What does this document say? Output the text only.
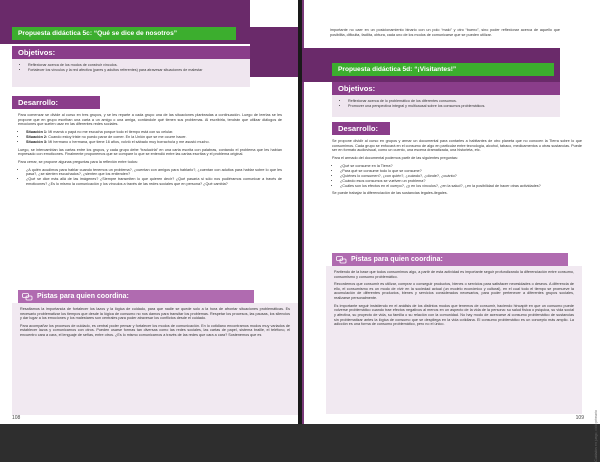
Propuesta didáctica 5c: “Qué se dice de nosotros”
Objetivos:
• Reflexionar acerca de los modos de construir vínculos.
• Fortalecer los vínculos y la red afectiva (pares y adultos referentes) para atravesar situaciones de malestar
Desarrollo:

Para comenzar se divide al curso en tres grupos, y se les reparte a cada grupo una de las situaciones planteadas a continuación. Luego de leerlas se les propone que en grupo escriban una carta a un amigo o una amiga, contándole qué tienen sus problemas. Al escribirla, tendrán que utilizar diálogos de emociones que suelen usar en las diferentes redes sociales.

• Situación 1: Mi mamá o papá no me escucha porque todo el tiempo está con su celular.
• Situación 2: Cuando estoy triste no puedo parar de comer. En la Unión que se me ocurre hacer.
• Situación 3: Mi hermano o hermana, que tiene 16 años, volvió el sábado muy borracho/a y me asustó mucho.

Luego, se intercambian las cartas entre los grupos, y cada grupo debe “traducirla” en una carta escrita con palabras, contando el problema que les habían expresado con emoticones. Finalmente proponemos que se compare lo que se entendió entre las cartas escritas y el problema original.

Para cerrar, se propone algunas preguntas para la reflexión entre todos:

• ¿A quién acudimos para hablar cuando tenemos un problema?, ¿cuentan con amigos para hablarlo?, ¿cuentan con adultos para hablar sobre lo que les pasa?, ¿se sienten escuchados?, ¿sienten que los entienden?
• ¿Qué se dice más allá de las imágenes? ¿Siempre transmiten lo que quieren decir? ¿Qué pasaría si sólo nos pudiéramos comunicar a través de emoticones? ¿Es lo mismo la comunicación y los vínculos a través de las redes sociales que en persona? ¿Qué cambia?
Pistas para quien coordina:

Resaltamos la importancia de fortalecer los lazos y la lógica de cuidado, para que nadie se quede solo a la hora de afrontar situaciones problemáticas. Es necesario problematizar los tiempos que desde la lógica de consumo no nos damos para transitar los problemas. Respetar los procesos, las pausas, los silencios y dar lugar a los emociones y los malestares son centrales para poder atravesar los conflictos desde el cuidado.

Para acompañar los procesos de cuidado, es central poder pensar y fortalecer los modos de comunicación. En lo cotidiano encontramos modos muy variados de establecer lazos y comunicarnos con otros. Pueden usarse formas tan diversas como las redes sociales, las cartas de papel, sistema braille, el teléfono, el encuentro cara a cara, el lenguaje de señas, entre otros. ¿Es lo mismo comunicarnos a través de las redes que cara a cara? Sostenemos que es

108

importante no caer en un posicionamiento binario con un polo “malo” y otro “bueno”, sino poder reflexionar acerca de aquello que posibilita, dificulta, facilita, obtura, cada uno de los modos de comunicarse que se pueden utilizar.

Propuesta didáctica 5d: “¡Visitantes!”
Objetivos:
• Reflexionar acerca de lo problemático de los diferentes consumos.
• Promover una perspectiva integral y multicausal sobre los consumos problemáticos.
Desarrollo:

Se propone dividir al curso en grupos y armar un documental para contarles a habitantes de otro planeta que no conocen la Tierra sobre lo que consumimos. Cada grupo se enfocará en el consumo de algo en particular entre tecnología, alcohol, tabaco, medicamentos u otras sustancias. Puede ser en formato audiovisual, como un cuento, una escena dramatizada, una historieta, etc.

Para el armado del documental podemos partir de las siguientes preguntas:

• ¿Qué se consume en la Tierra?
• ¿Para qué se consume todo lo que se consume?
• ¿Quiénes lo consumen?, ¿con quién?, ¿cuándo?, ¿dónde?, ¿cuánto?
• ¿Cuándo esos consumos se vuelven un problema?
• ¿Cuáles son los efectos en el cuerpo?, ¿y en los vínculos?, ¿en la salud?, ¿en la posibilidad de hacer otras actividades?

Se puede trabajar la diferenciación de las sustancias legales-ilegales.

Pistas para quien coordina:

Partiendo de la base que todos consumimos algo, a partir de esta actividad es importante seguir profundizando la diferenciación entre consumo, consumismo y consumo problemático.

Recordemos que consumir es utilizar, comprar o conseguir productos, bienes o servicios para satisfacer necesidades o deseos. A diferencia de ello, el consumismo es un modo de vivir en la sociedad actual (un modelo económico y cultural), en el cual todo el tiempo se promueve la acumulación de diferentes productos, bienes y servicios considerados necesarios, para poder pertenecer a diferentes grupos sociales, realizarse personalmente.

Es importante seguir insistiendo en el análisis de los distintos modos que tenemos de consumir, haciendo hincapié en que un consumo puede volverse problemático cuando trae efectos negativos al menos en un aspecto de la vida de la persona: su salud física o psíquica, su vida social y afectiva, su proyecto de vida, su familia o su relación con la comunidad. No hay modo de acercarse al consumo problemático de sustancias sin problematizar antes la lógica de consumo que se despliega en la vida cotidiana. El consumo problemático es un concepto más amplio. La adicción es una forma de consumo problemático, pero no el único.

Cuidados en juego, ciclo primario
109
